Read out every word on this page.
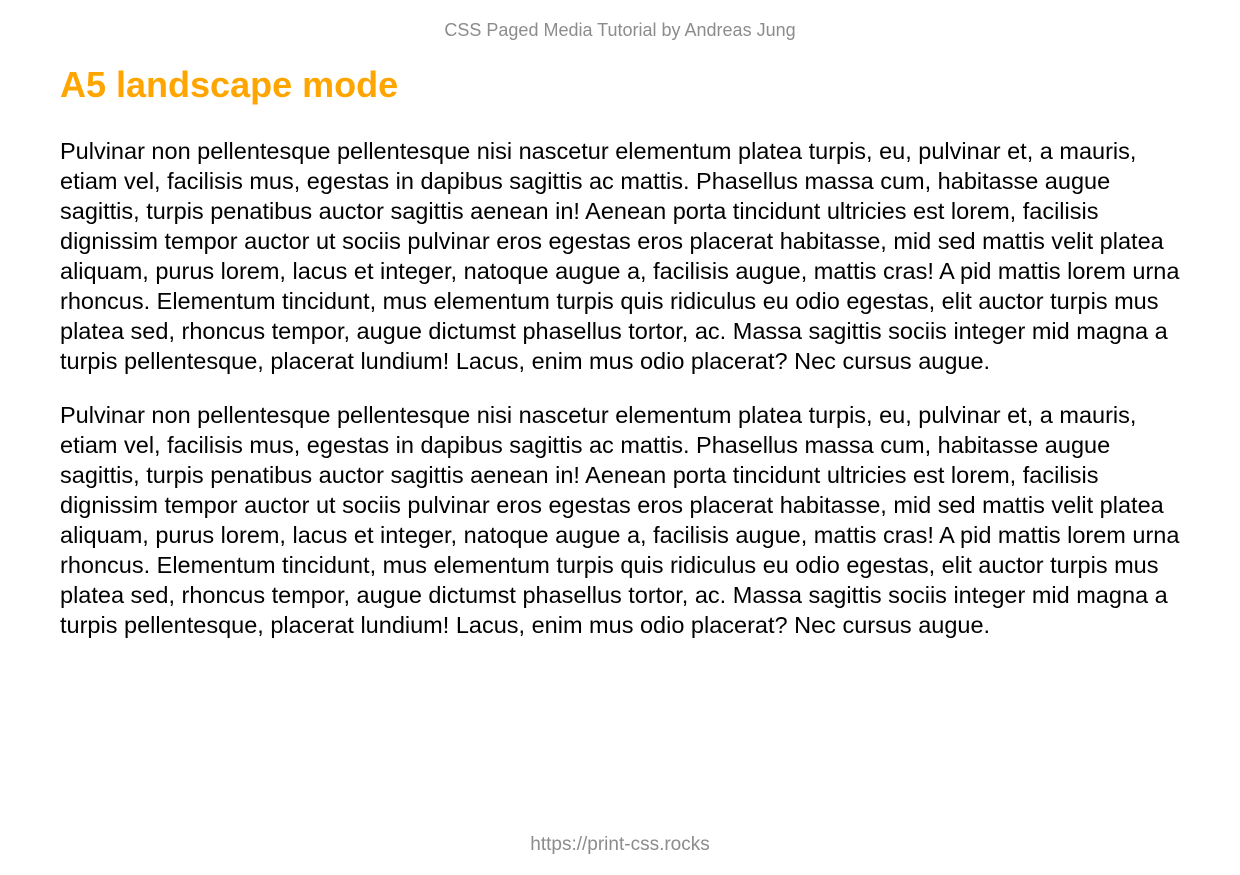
CSS Paged Media Tutorial by Andreas Jung
A5 landscape mode

Pulvinar non pellentesque pellentesque nisi nascetur elementum platea turpis, eu, pulvinar et, a mauris, etiam vel, facilisis mus, egestas in dapibus sagittis ac mattis. Phasellus massa cum, habitasse augue sagittis, turpis penatibus auctor sagittis aenean in! Aenean porta tincidunt ultricies est lorem, facilisis dignissim tempor auctor ut sociis pulvinar eros egestas eros placerat habitasse, mid sed mattis velit platea aliquam, purus lorem, lacus et integer, natoque augue a, facilisis augue, mattis cras! A pid mattis lorem urna rhoncus. Elementum tincidunt, mus elementum turpis quis ridiculus eu odio egestas, elit auctor turpis mus platea sed, rhoncus tempor, augue dictumst phasellus tortor, ac. Massa sagittis sociis integer mid magna a turpis pellentesque, placerat lundium! Lacus, enim mus odio placerat? Nec cursus augue.

Pulvinar non pellentesque pellentesque nisi nascetur elementum platea turpis, eu, pulvinar et, a mauris, etiam vel, facilisis mus, egestas in dapibus sagittis ac mattis. Phasellus massa cum, habitasse augue sagittis, turpis penatibus auctor sagittis aenean in! Aenean porta tincidunt ultricies est lorem, facilisis dignissim tempor auctor ut sociis pulvinar eros egestas eros placerat habitasse, mid sed mattis velit platea aliquam, purus lorem, lacus et integer, natoque augue a, facilisis augue, mattis cras! A pid mattis lorem urna rhoncus. Elementum tincidunt, mus elementum turpis quis ridiculus eu odio egestas, elit auctor turpis mus platea sed, rhoncus tempor, augue dictumst phasellus tortor, ac. Massa sagittis sociis integer mid magna a turpis pellentesque, placerat lundium! Lacus, enim mus odio placerat? Nec cursus augue.

https://print-css.rocks
